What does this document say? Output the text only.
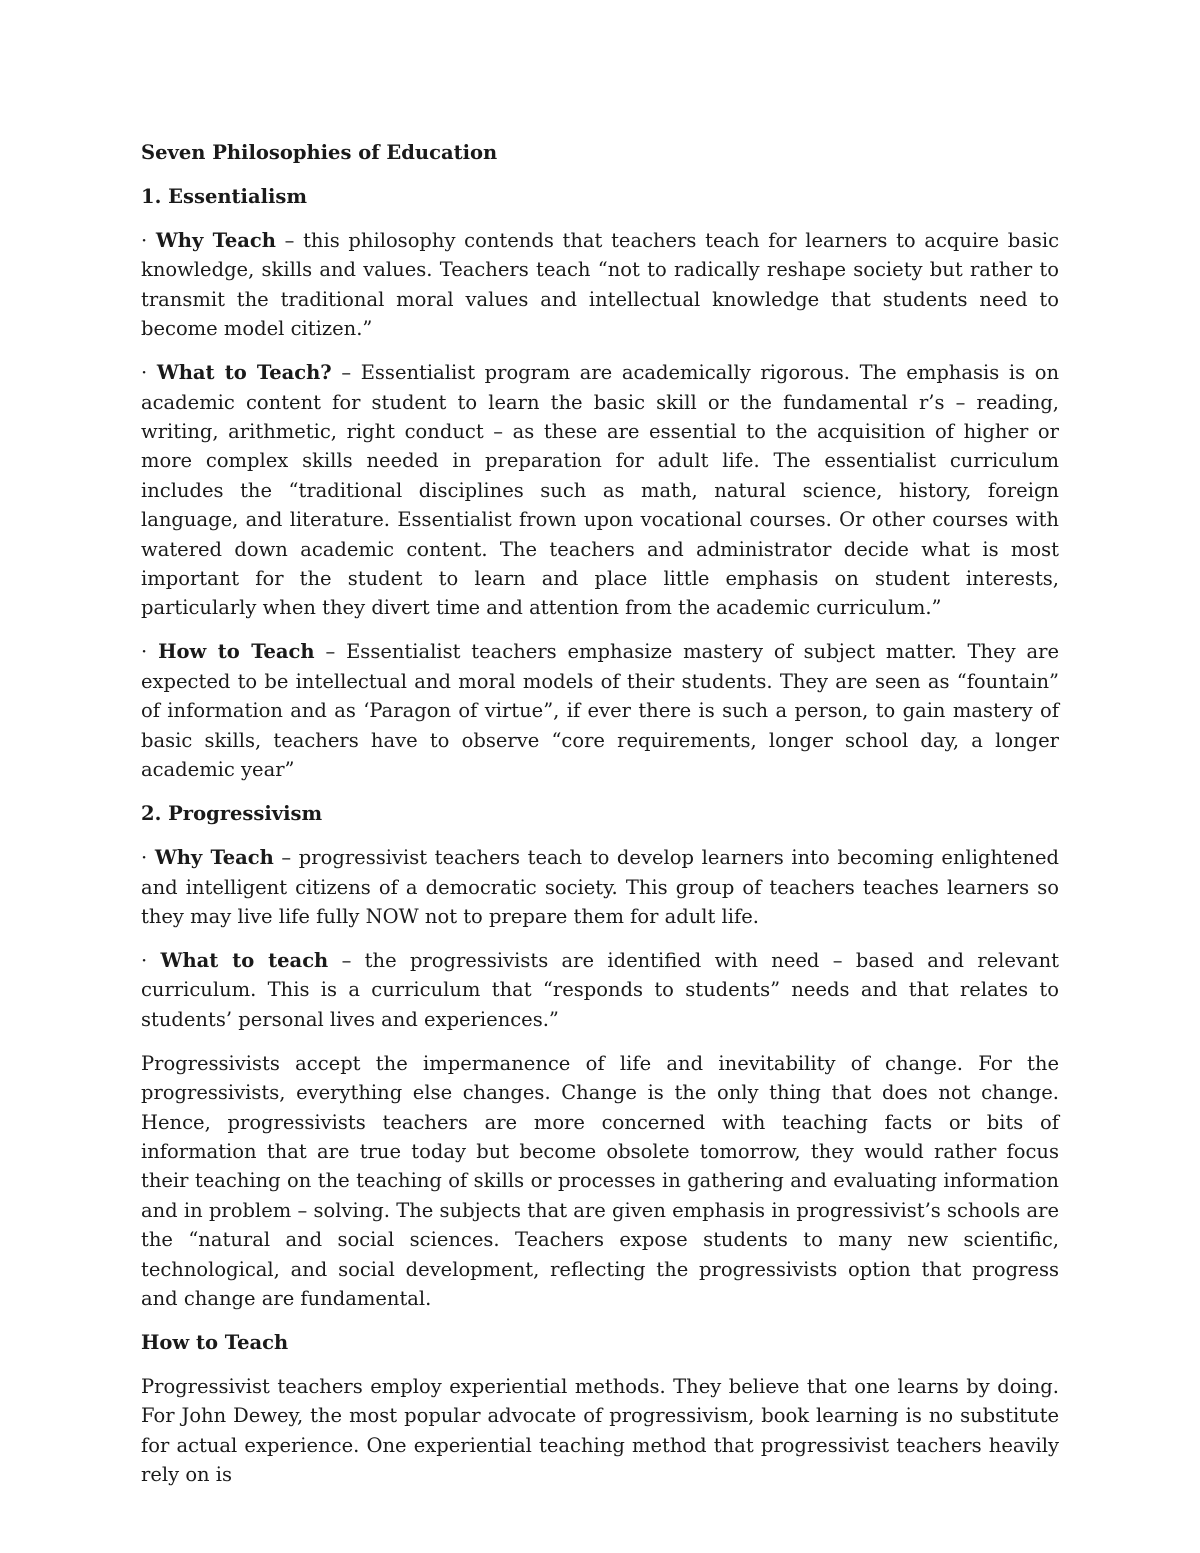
Seven Philosophies of Education

1. Essentialism

· Why Teach – this philosophy contends that teachers teach for learners to acquire basic knowledge, skills and values. Teachers teach “not to radically reshape society but rather to transmit the traditional moral values and intellectual knowledge that students need to become model citizen.”

· What to Teach? – Essentialist program are academically rigorous. The emphasis is on academic content for student to learn the basic skill or the fundamental r’s – reading, writing, arithmetic, right conduct – as these are essential to the acquisition of higher or more complex skills needed in preparation for adult life. The essentialist curriculum includes the “traditional disciplines such as math, natural science, history, foreign language, and literature. Essentialist frown upon vocational courses. Or other courses with watered down academic content. The teachers and administrator decide what is most important for the student to learn and place little emphasis on student interests, particularly when they divert time and attention from the academic curriculum.”

· How to Teach – Essentialist teachers emphasize mastery of subject matter. They are expected to be intellectual and moral models of their students. They are seen as “fountain” of information and as ‘Paragon of virtue”, if ever there is such a person, to gain mastery of basic skills, teachers have to observe “core requirements, longer school day, a longer academic year”

2. Progressivism

· Why Teach – progressivist teachers teach to develop learners into becoming enlightened and intelligent citizens of a democratic society. This group of teachers teaches learners so they may live life fully NOW not to prepare them for adult life.

· What to teach – the progressivists are identified with need – based and relevant curriculum. This is a curriculum that “responds to students” needs and that relates to students’ personal lives and experiences.”

Progressivists accept the impermanence of life and inevitability of change. For the progressivists, everything else changes. Change is the only thing that does not change. Hence, progressivists teachers are more concerned with teaching facts or bits of information that are true today but become obsolete tomorrow, they would rather focus their teaching on the teaching of skills or processes in gathering and evaluating information and in problem – solving. The subjects that are given emphasis in progressivist’s schools are the “natural and social sciences. Teachers expose students to many new scientific, technological, and social development, reflecting the progressivists option that progress and change are fundamental.

How to Teach

Progressivist teachers employ experiential methods. They believe that one learns by doing. For John Dewey, the most popular advocate of progressivism, book learning is no substitute for actual experience. One experiential teaching method that progressivist teachers heavily rely on is
